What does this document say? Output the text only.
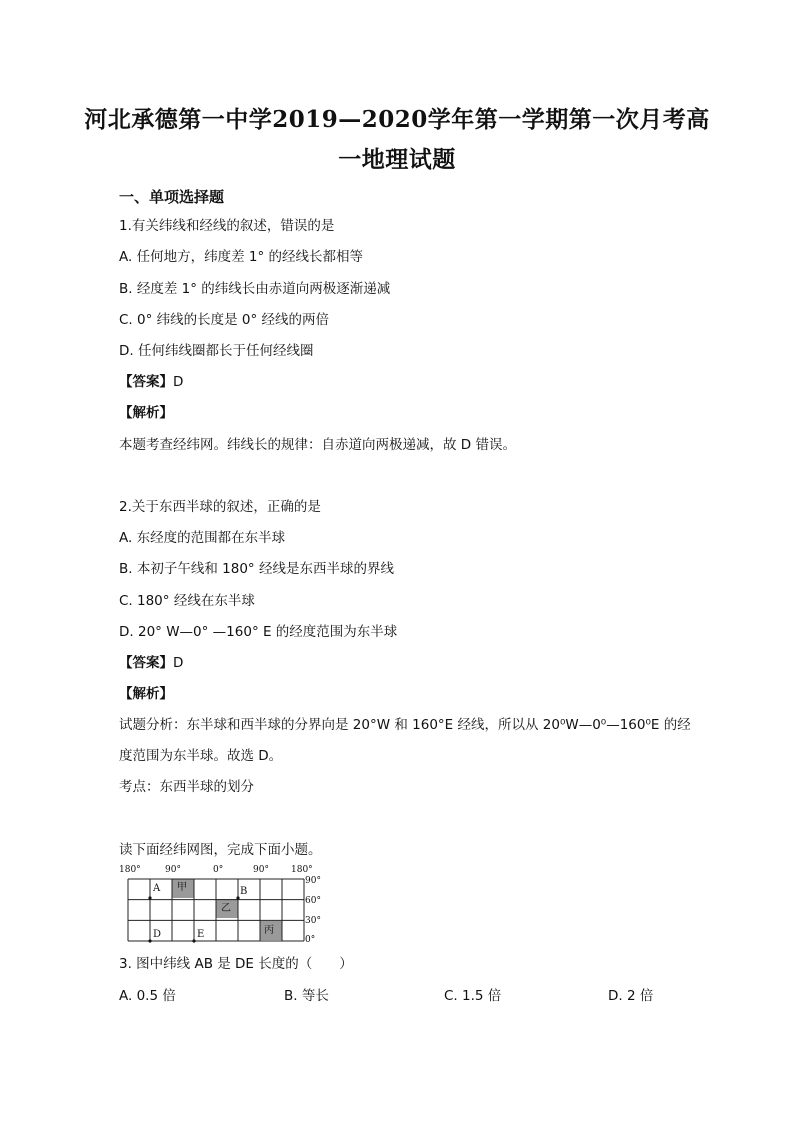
河北承德第一中学2019—2020学年第一学期第一次月考高
一地理试题
一、单项选择题
1.有关纬线和经线的叙述，错误的是
A. 任何地方，纬度差 1° 的经线长都相等
B. 经度差 1° 的纬线长由赤道向两极逐渐递减
C. 0° 纬线的长度是 0° 经线的两倍
D. 任何纬线圈都长于任何经线圈
【答案】D
【解析】
本题考查经纬网。纬线长的规律：自赤道向两极递减，故 D 错误。
2.关于东西半球的叙述，正确的是
A. 东经度的范围都在东半球
B. 本初子午线和 180° 经线是东西半球的界线
C. 180° 经线在东半球
D. 20° W—0° —160° E 的经度范围为东半球
【答案】D
【解析】
试题分析：东半球和西半球的分界向是 20°W 和 160°E 经线，所以从 20⁰W—0⁰—160⁰E 的经
度范围为东半球。故选 D。
考点：东西半球的划分
读下面经纬网图，完成下面小题。
180°	90°	0°	90° 180°
90°
60°
30°
0°
A 甲	B
乙
D	E	丙
3. 图中纬线 AB 是 DE 长度的（　　）
A. 0.5 倍	B. 等长	C. 1.5 倍	D. 2 倍
